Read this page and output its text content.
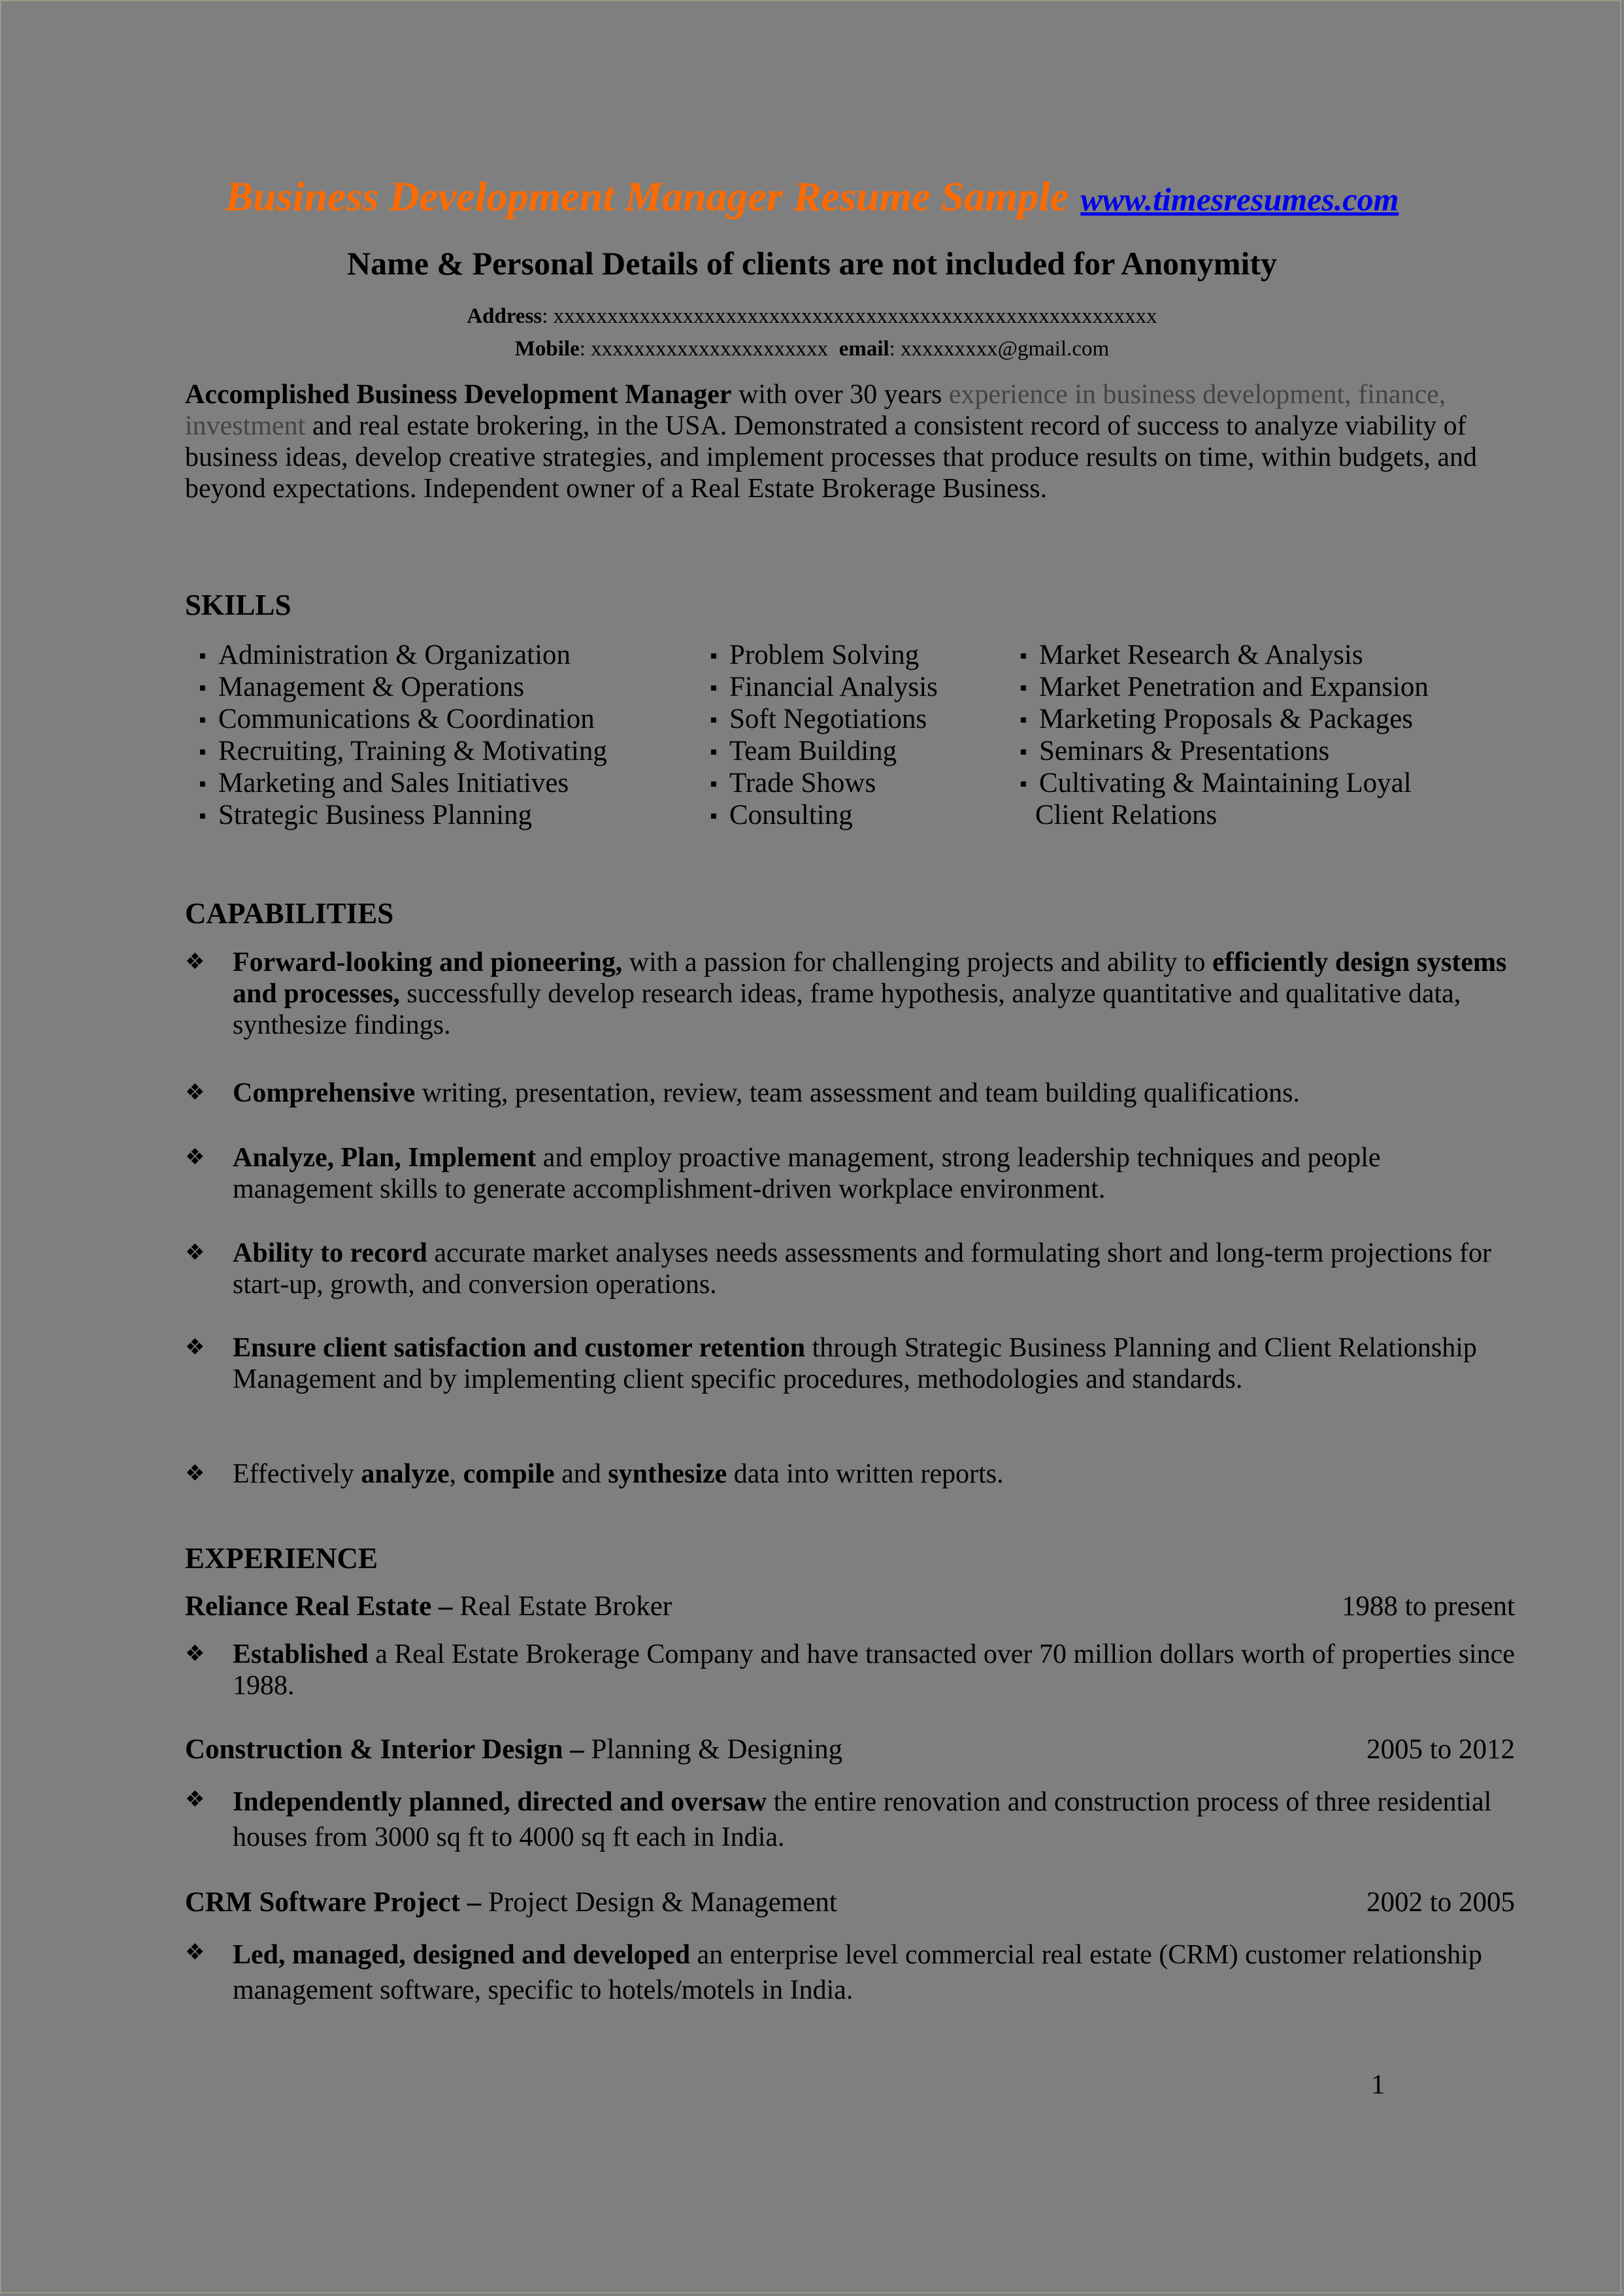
Business Development Manager Resume Sample www.timesresumes.com
Name & Personal Details of clients are not included for Anonymity
Address: xxxxxxxxxxxxxxxxxxxxxxxxxxxxxxxxxxxxxxxxxxxxxxxxxxxxxxxx
Mobile: xxxxxxxxxxxxxxxxxxxxxx email: xxxxxxxxx@gmail.com

Accomplished Business Development Manager with over 30 years experience in business development, finance, investment and real estate brokering, in the USA. Demonstrated a consistent record of success to analyze viability of business ideas, develop creative strategies, and implement processes that produce results on time, within budgets, and beyond expectations. Independent owner of a Real Estate Brokerage Business.

SKILLS
Administration & Organization
Management & Operations
Communications & Coordination
Recruiting, Training & Motivating
Marketing and Sales Initiatives
Strategic Business Planning
Problem Solving
Financial Analysis
Soft Negotiations
Team Building
Trade Shows
Consulting
Market Research & Analysis
Market Penetration and Expansion
Marketing Proposals & Packages
Seminars & Presentations
Cultivating & Maintaining Loyal
Client Relations
CAPABILITIES
❖ Forward-looking and pioneering, with a passion for challenging projects and ability to efficiently design systems and processes, successfully develop research ideas, frame hypothesis, analyze quantitative and qualitative data, synthesize findings.
❖ Comprehensive writing, presentation, review, team assessment and team building qualifications.
❖ Analyze, Plan, Implement and employ proactive management, strong leadership techniques and people management skills to generate accomplishment-driven workplace environment.
❖ Ability to record accurate market analyses needs assessments and formulating short and long-term projections for start-up, growth, and conversion operations.
❖ Ensure client satisfaction and customer retention through Strategic Business Planning and Client Relationship Management and by implementing client specific procedures, methodologies and standards.
❖ Effectively analyze, compile and synthesize data into written reports.
EXPERIENCE
Reliance Real Estate – Real Estate Broker	1988 to present
❖ Established a Real Estate Brokerage Company and have transacted over 70 million dollars worth of properties since 1988.
Construction & Interior Design – Planning & Designing	2005 to 2012
❖ Independently planned, directed and oversaw the entire renovation and construction process of three residential houses from 3000 sq ft to 4000 sq ft each in India.
CRM Software Project – Project Design & Management	2002 to 2005
❖ Led, managed, designed and developed an enterprise level commercial real estate (CRM) customer relationship management software, specific to hotels/motels in India.
1
